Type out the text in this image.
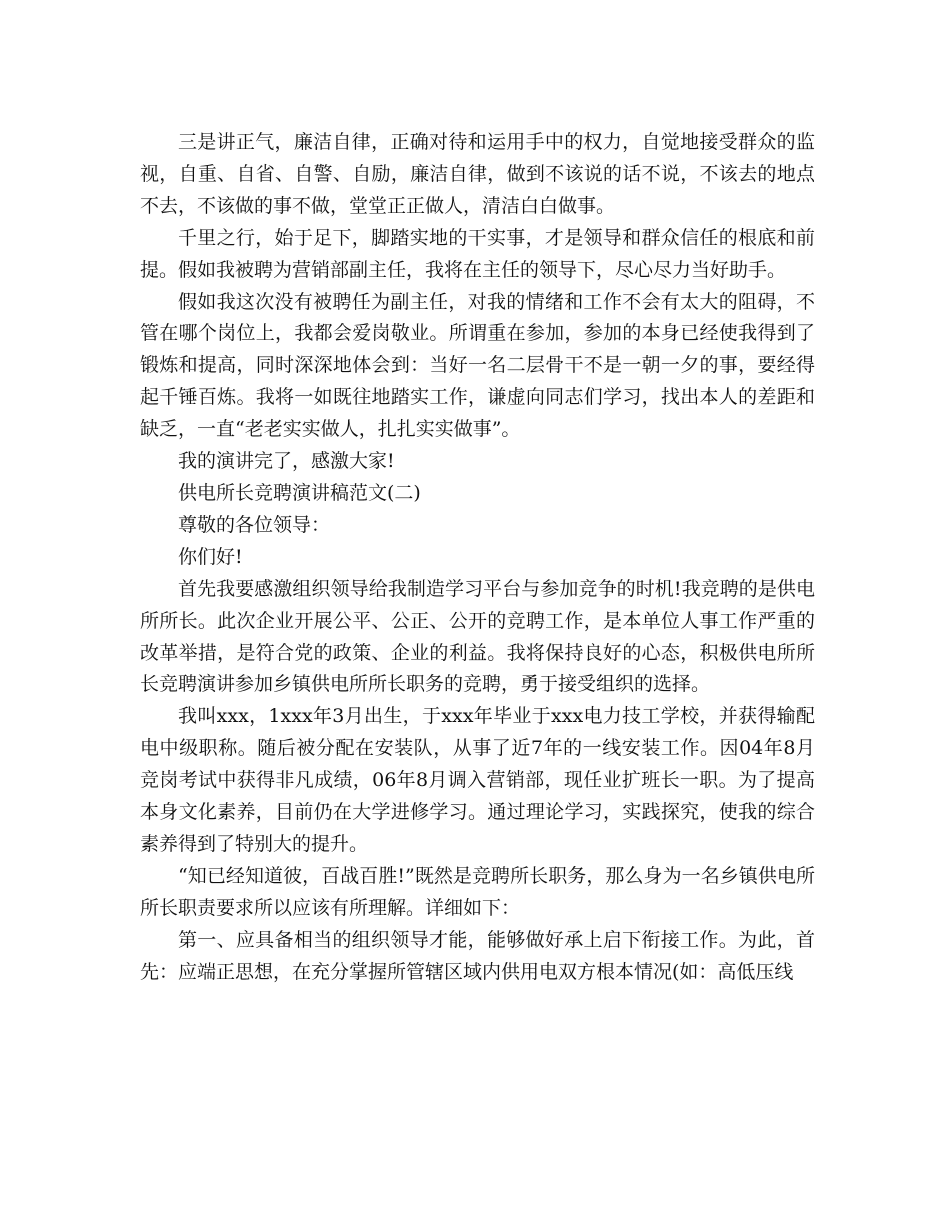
三是讲正气，廉洁自律，正确对待和运用手中的权力，自觉地接受群众的监视，自重、自省、自警、自励，廉洁自律，做到不该说的话不说，不该去的地点不去，不该做的事不做，堂堂正正做人，清洁白白做事。

千里之行，始于足下，脚踏实地的干实事，才是领导和群众信任的根底和前提。假如我被聘为营销部副主任，我将在主任的领导下，尽心尽力当好助手。

假如我这次没有被聘任为副主任，对我的情绪和工作不会有太大的阻碍，不管在哪个岗位上，我都会爱岗敬业。所谓重在参加，参加的本身已经使我得到了锻炼和提高，同时深深地体会到：当好一名二层骨干不是一朝一夕的事，要经得起千锤百炼。我将一如既往地踏实工作，谦虚向同志们学习，找出本人的差距和缺乏，一直“老老实实做人，扎扎实实做事”。

我的演讲完了，感激大家!

供电所长竞聘演讲稿范文(二)

尊敬的各位领导：

你们好!

首先我要感激组织领导给我制造学习平台与参加竞争的时机!我竞聘的是供电所所长。此次企业开展公平、公正、公开的竞聘工作，是本单位人事工作严重的改革举措，是符合党的政策、企业的利益。我将保持良好的心态，积极供电所所长竞聘演讲参加乡镇供电所所长职务的竞聘，勇于接受组织的选择。

我叫xxx，1xxx年3月出生，于xxx年毕业于xxx电力技工学校，并获得输配电中级职称。随后被分配在安装队，从事了近7年的一线安装工作。因04年8月竞岗考试中获得非凡成绩，06年8月调入营销部，现任业扩班长一职。为了提高本身文化素养，目前仍在大学进修学习。通过理论学习，实践探究，使我的综合素养得到了特别大的提升。

“知已经知道彼，百战百胜!”既然是竞聘所长职务，那么身为一名乡镇供电所所长职责要求所以应该有所理解。详细如下：

第一、应具备相当的组织领导才能，能够做好承上启下衔接工作。为此，首先：应端正思想，在充分掌握所管辖区域内供用电双方根本情况(如：高低压线
